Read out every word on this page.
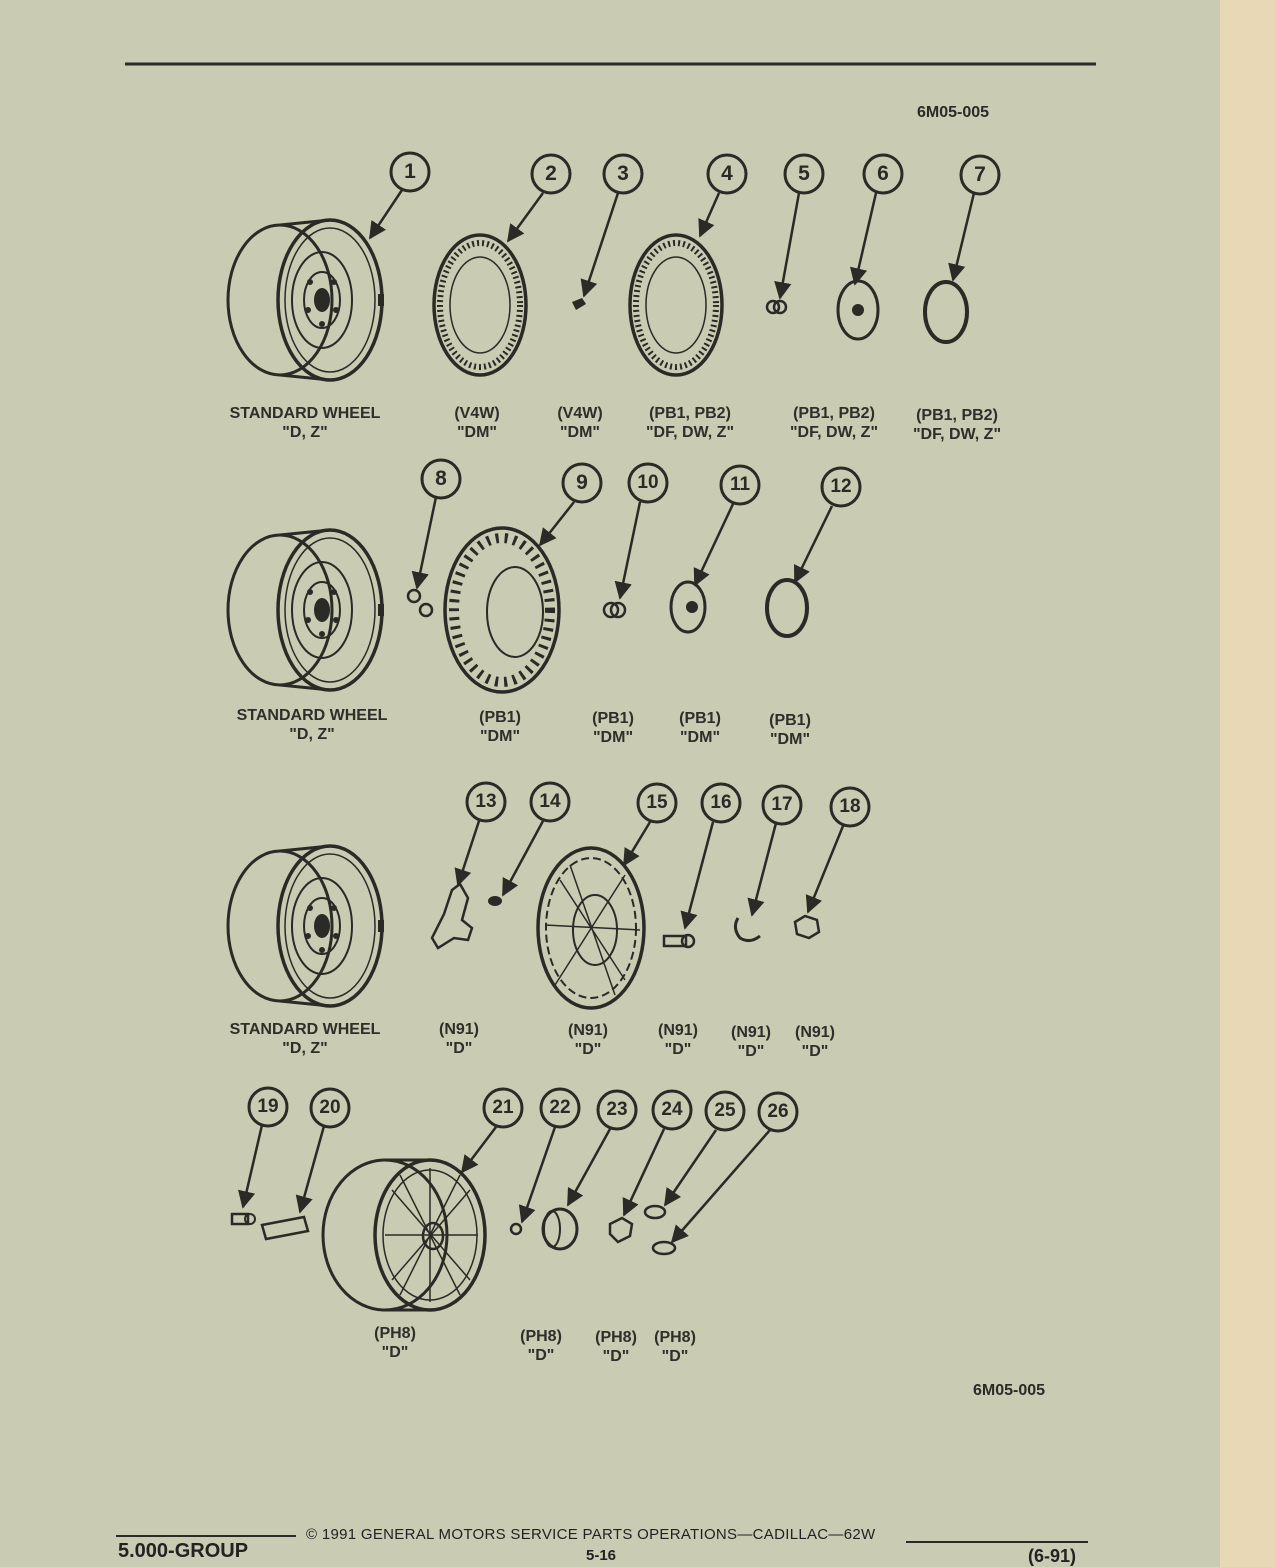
1	2	3	4	5	6	7
8	9	10	11	12
13	14	15	16	17	18
19	20	21	22	23	24	25	26
6M05-005
6M05-005
STANDARD WHEEL
"D, Z"
(V4W)
"DM"
(V4W)
"DM"
(PB1, PB2)
"DF, DW, Z"
(PB1, PB2)
"DF, DW, Z"
(PB1, PB2)
"DF, DW, Z"
STANDARD WHEEL
"D, Z"
(PB1)
"DM"
(PB1)
"DM"
(PB1)
"DM"
(PB1)
"DM"
STANDARD WHEEL
"D, Z"
(N91)
"D"
(N91)
"D"
(N91)
"D"
(N91)
"D"
(N91)
"D"
(PH8)
"D"
(PH8)
"D"
(PH8)
"D"
(PH8)
"D"
5.000-GROUP
© 1991 GENERAL MOTORS SERVICE PARTS OPERATIONS—CADILLAC—62W
5-16	(6-91)
